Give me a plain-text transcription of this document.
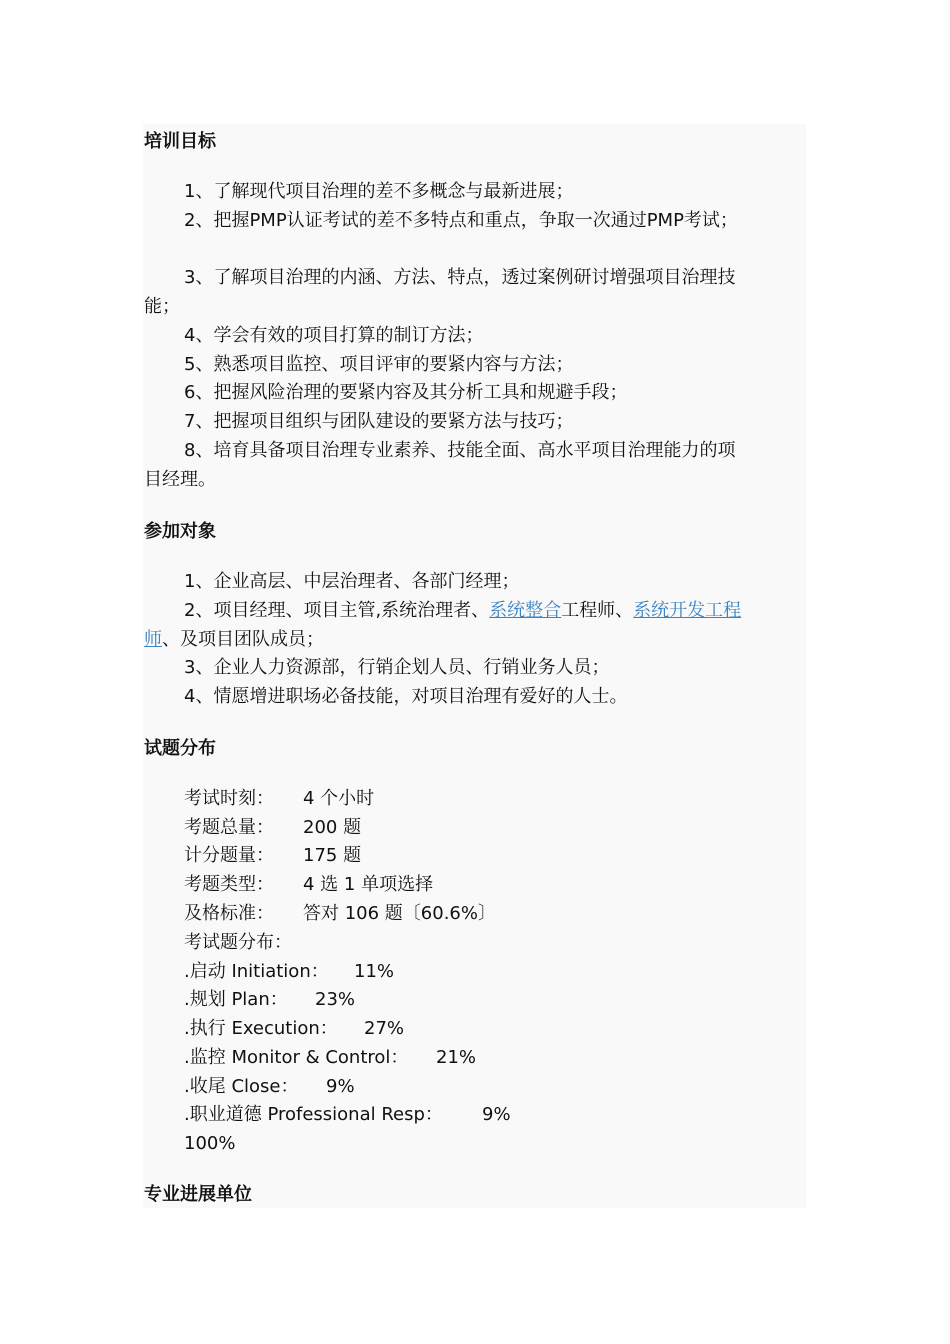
培训目标
1、了解现代项目治理的差不多概念与最新进展；
2、把握PMP认证考试的差不多特点和重点，争取一次通过PMP考试；
3、了解项目治理的内涵、方法、特点，透过案例研讨增强项目治理技
能；
4、学会有效的项目打算的制订方法；
5、熟悉项目监控、项目评审的要紧内容与方法；
6、把握风险治理的要紧内容及其分析工具和规避手段；
7、把握项目组织与团队建设的要紧方法与技巧；
8、培育具备项目治理专业素养、技能全面、高水平项目治理能力的项
目经理。
参加对象
1、企业高层、中层治理者、各部门经理；
2、项目经理、项目主管,系统治理者、系统整合工程师、系统开发工程
师、及项目团队成员；
3、企业人力资源部，行销企划人员、行销业务人员；
4、情愿增进职场必备技能，对项目治理有爱好的人士。
试题分布
考试时刻： 4 个小时
考题总量： 200 题
计分题量： 175 题
考题类型： 4 选 1 单项选择
及格标准： 答对 106 题〔60.6%〕
考试题分布：
.启动 Initiation： 11%
.规划 Plan： 23%
.执行 Execution： 27%
.监控 Monitor & Control： 21%
.收尾 Close： 9%
.职业道德 Professional Resp： 9%
100%
专业进展单位
